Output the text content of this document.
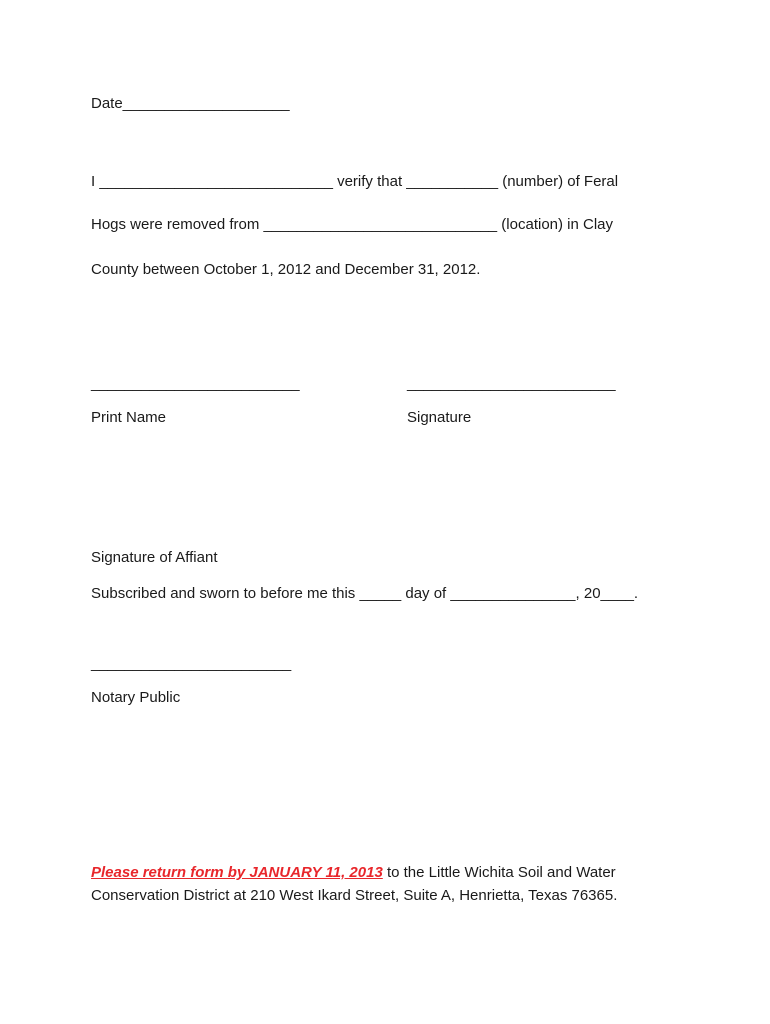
Date____________________
I ____________________________ verify that ___________ (number) of Feral
Hogs were removed from ____________________________ (location) in Clay
County between October 1, 2012 and December 31, 2012.
_________________________	_________________________
Print Name	Signature
Signature of Affiant
Subscribed and sworn to before me this _____ day of _______________, 20____.
________________________
Notary Public
Please return form by JANUARY 11, 2013 to the Little Wichita Soil and Water
Conservation District at 210 West Ikard Street, Suite A, Henrietta, Texas 76365.
